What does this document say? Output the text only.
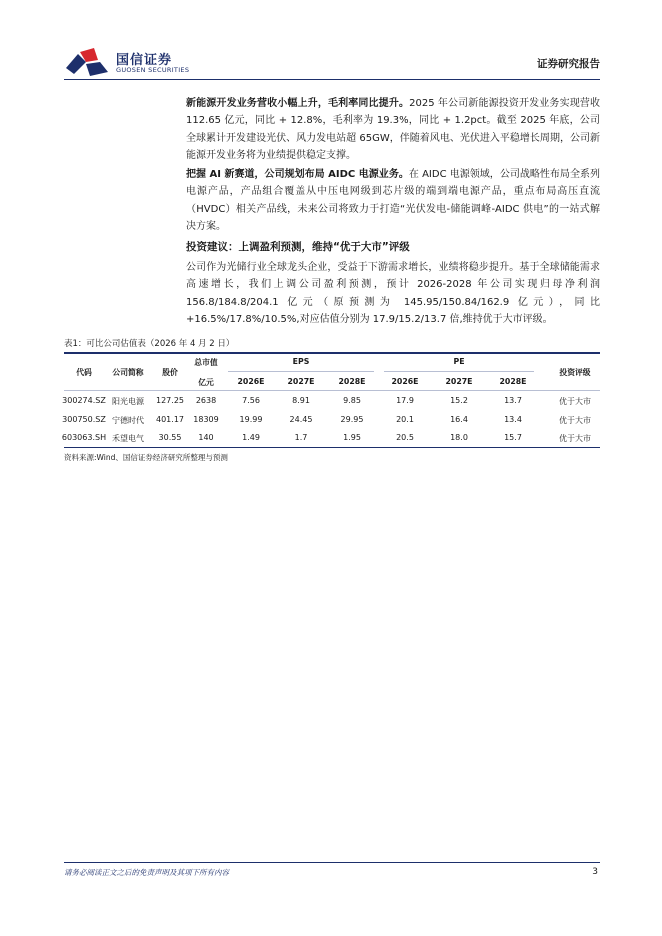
国信证券
GUOSEN SECURITIES	证券研究报告
新能源开发业务营收小幅上升，毛利率同比提升。2025 年公司新能源投资开发业务实现营收 112.65 亿元，同比 + 12.8%，毛利率为 19.3%，同比 + 1.2pct。截至 2025 年底，公司全球累计开发建设光伏、风力发电站超 65GW，伴随着风电、光伏进入平稳增长周期，公司新能源开发业务将为业绩提供稳定支撑。
把握 AI 新赛道，公司规划布局 AIDC 电源业务。在 AIDC 电源领域，公司战略性布局全系列电源产品，产品组合覆盖从中压电网级到芯片级的端到端电源产品，重点布局高压直流（HVDC）相关产品线，未来公司将致力于打造“光伏发电-储能调峰-AIDC 供电”的一站式解决方案。
投资建议：上调盈利预测，维持“优于大市”评级
公司作为光储行业全球龙头企业，受益于下游需求增长，业绩将稳步提升。基于全球储能需求高速增长，我们上调公司盈利预测，预计 2026-2028 年公司实现归母净利润 156.8/184.8/204.1 亿元（原预测为 145.95/150.84/162.9 亿元），同比+16.5%/17.8%/10.5%,对应估值分别为 17.9/15.2/13.7 倍,维持优于大市评级。
表1：可比公司估值表（2026 年 4 月 2 日）
代码	公司简称 股价
总市值
亿元
EPS	PE
投资评级
2026E	2027E	2028E	2026E	2027E	2028E
300274.SZ 阳光电源 127.25 2638	7.56	8.91	9.85	17.9	15.2	13.7	优于大市
300750.SZ 宁德时代 401.17 18309	19.99	24.45	29.95	20.1	16.4	13.4	优于大市
603063.SH 禾望电气 30.55 140	1.49	1.7	1.95	20.5	18.0	15.7	优于大市
资料来源:Wind、国信证券经济研究所整理与预测
请务必阅读正文之后的免责声明及其项下所有内容	3
